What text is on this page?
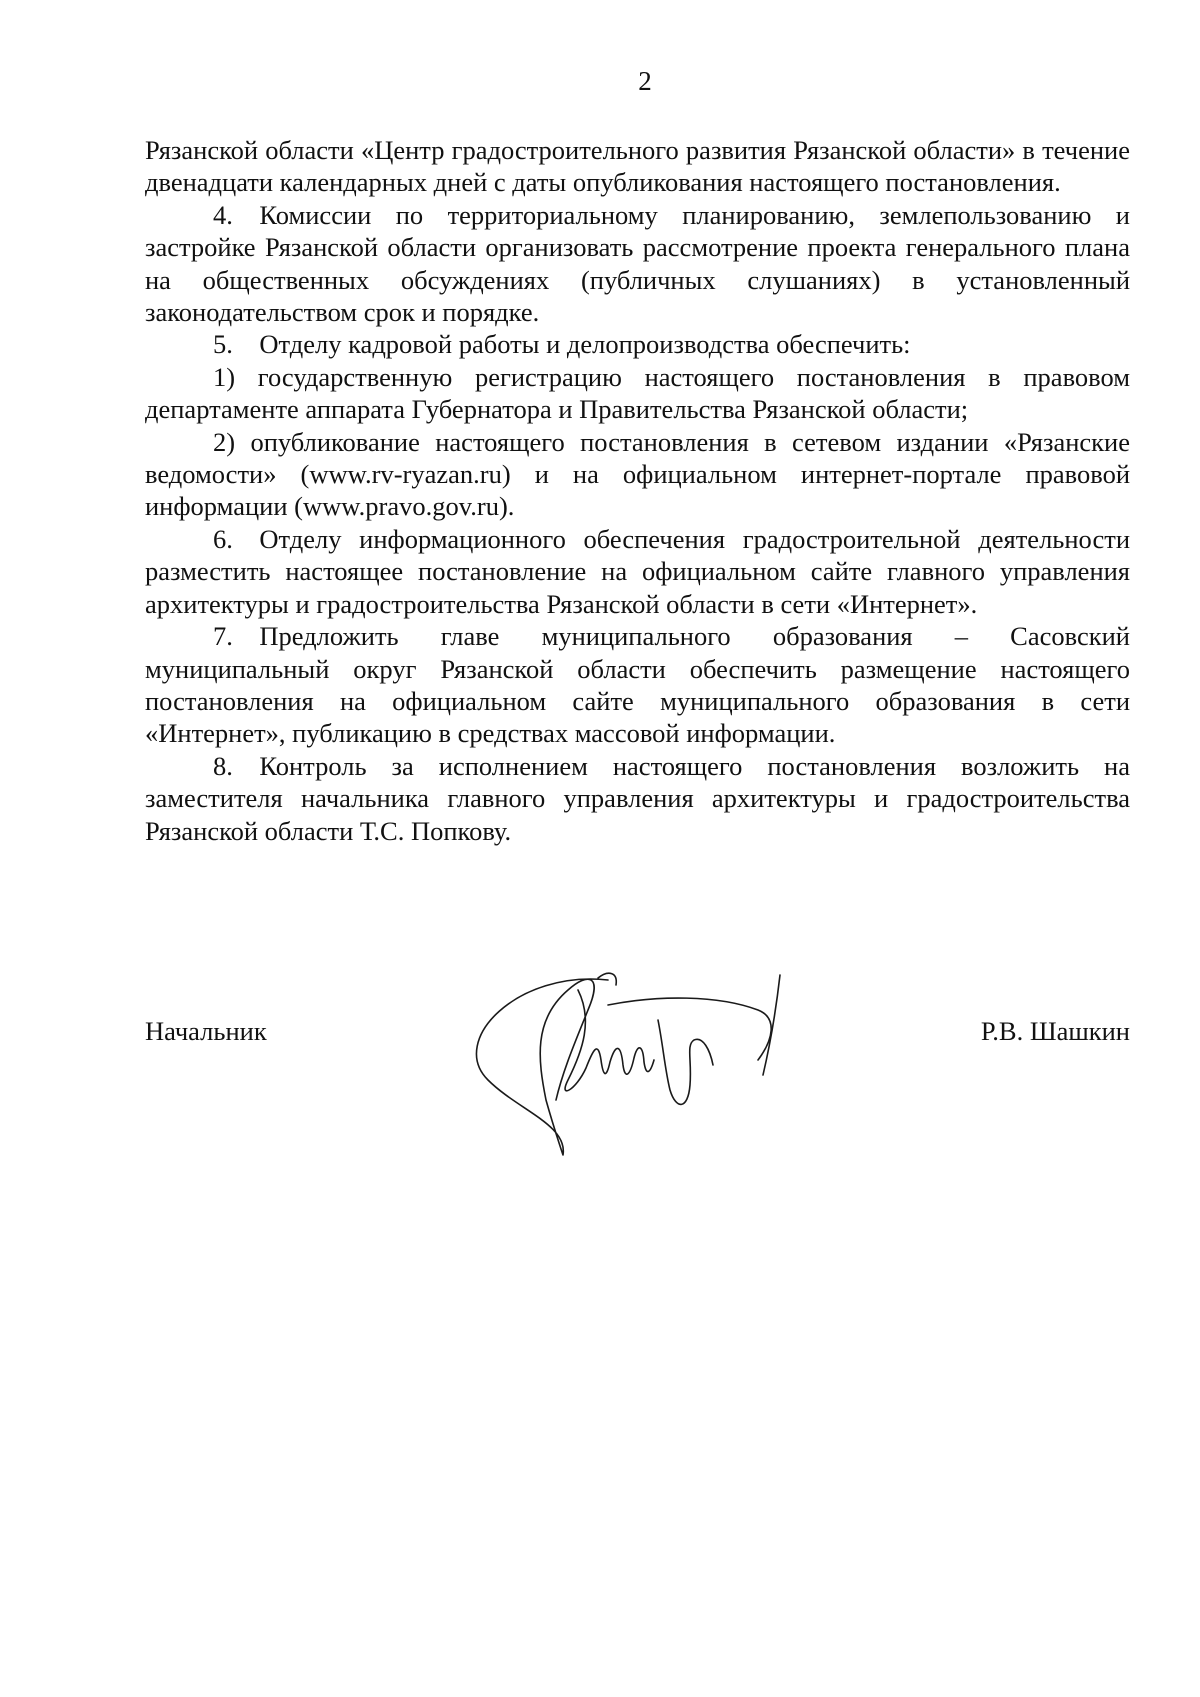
2

Рязанской области «Центр градостроительного развития Рязанской области» в течение двенадцати календарных дней с даты опубликования настоящего постановления.

4. Комиссии по территориальному планированию, землепользованию и застройке Рязанской области организовать рассмотрение проекта генерального плана на общественных обсуждениях (публичных слушаниях) в установленный законодательством срок и порядке.

5. Отделу кадровой работы и делопроизводства обеспечить:

1) государственную регистрацию настоящего постановления в правовом департаменте аппарата Губернатора и Правительства Рязанской области;

2) опубликование настоящего постановления в сетевом издании «Рязанские ведомости» (www.rv-ryazan.ru) и на официальном интернет-портале правовой информации (www.pravo.gov.ru).

6. Отделу информационного обеспечения градостроительной деятельности разместить настоящее постановление на официальном сайте главного управления архитектуры и градостроительства Рязанской области в сети «Интернет».

7. Предложить главе муниципального образования – Сасовский муниципальный округ Рязанской области обеспечить размещение настоящего постановления на официальном сайте муниципального образования в сети «Интернет», публикацию в средствах массовой информации.

8. Контроль за исполнением настоящего постановления возложить на заместителя начальника главного управления архитектуры и градостроительства Рязанской области Т.С. Попкову.

Начальник	Р.В. Шашкин
